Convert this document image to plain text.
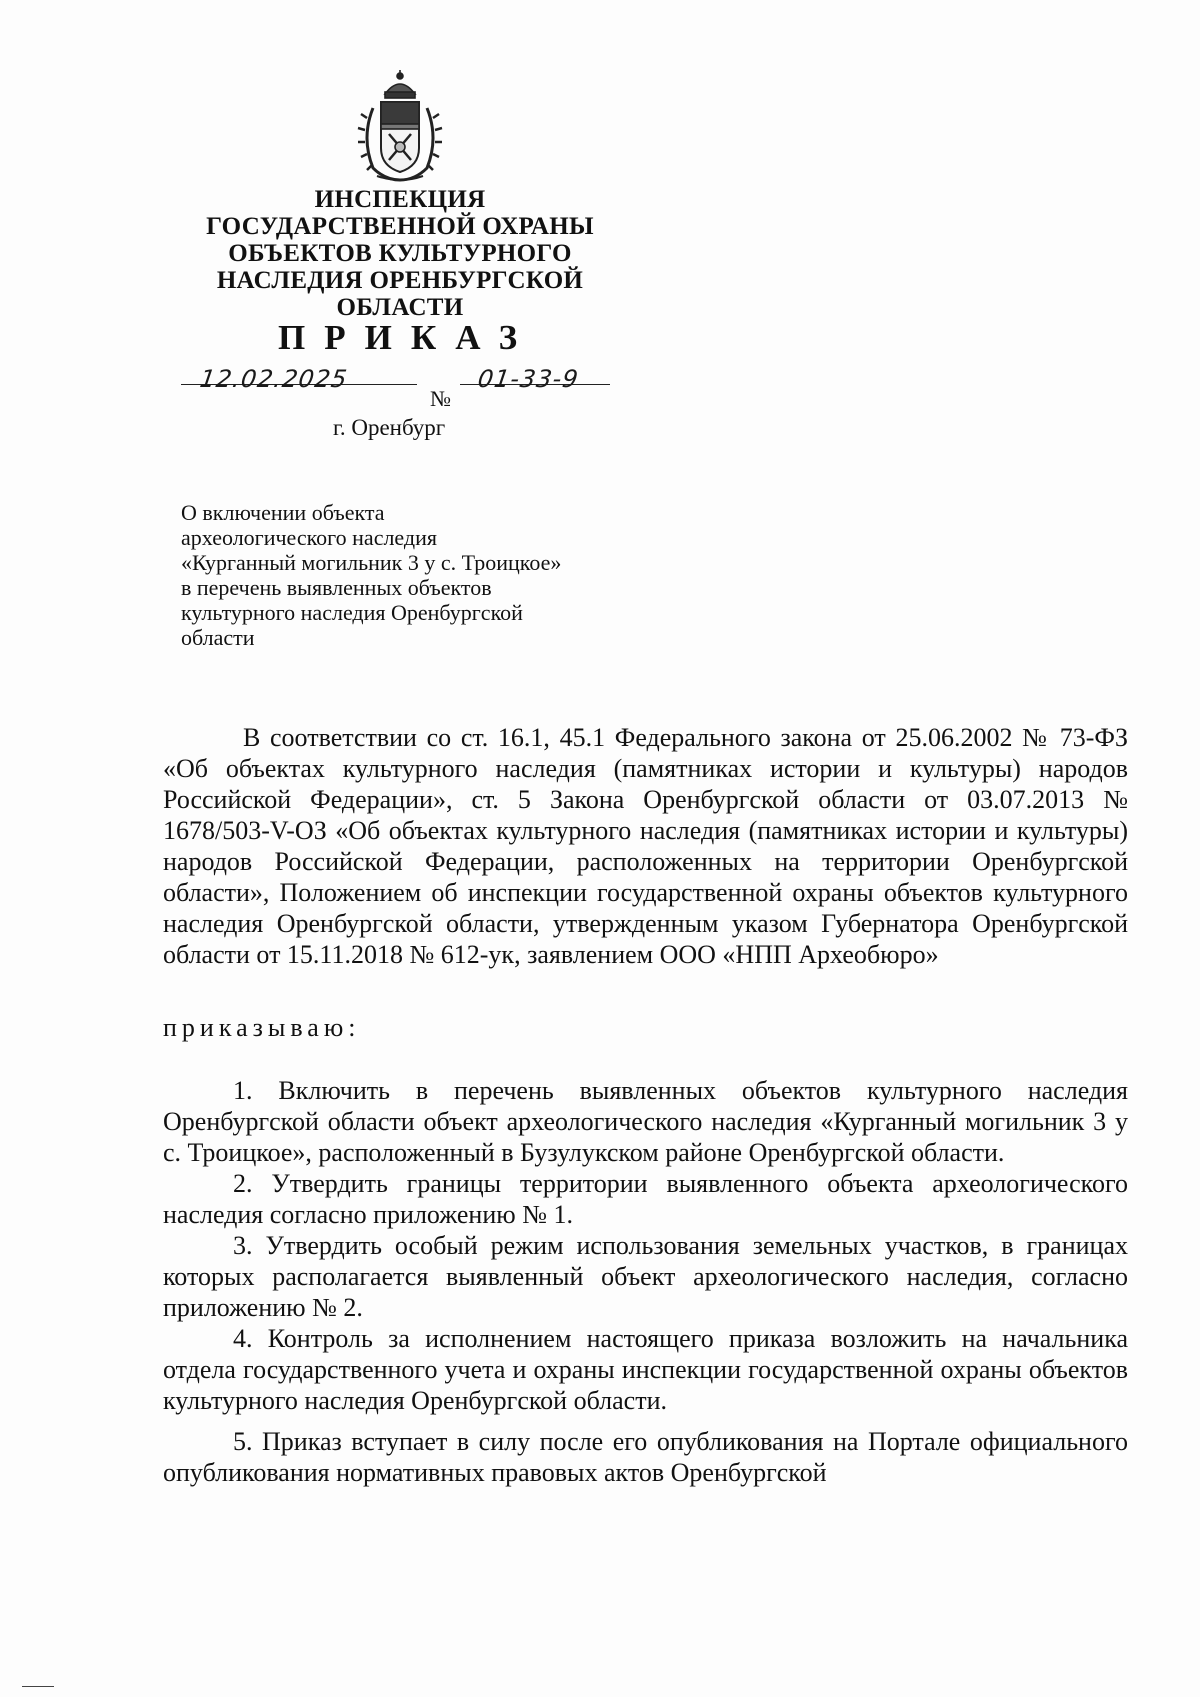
ИНСПЕКЦИЯ
ГОСУДАРСТВЕННОЙ ОХРАНЫ
ОБЪЕКТОВ КУЛЬТУРНОГО
НАСЛЕДИЯ ОРЕНБУРГСКОЙ
ОБЛАСТИ
ПРИКАЗ
12.02.2025
№
01-33-9
г. Оренбург
О включении объекта
археологического наследия
«Курганный могильник 3 у с. Троицкое»
в перечень выявленных объектов
культурного наследия Оренбургской
области

В соответствии со ст. 16.1, 45.1 Федерального закона от 25.06.2002 № 73-ФЗ «Об объектах культурного наследия (памятниках истории и культуры) народов Российской Федерации», ст. 5 Закона Оренбургской области от 03.07.2013 № 1678/503-V-ОЗ «Об объектах культурного наследия (памятниках истории и культуры) народов Российской Федерации, расположенных на территории Оренбургской области», Положением об инспекции государственной охраны объектов культурного наследия Оренбургской области, утвержденным указом Губернатора Оренбургской области от 15.11.2018 № 612-ук, заявлением ООО «НПП Археобюро»

приказываю:

1. Включить в перечень выявленных объектов культурного наследия Оренбургской области объект археологического наследия «Курганный могильник 3 у с. Троицкое», расположенный в Бузулукском районе Оренбургской области.

2. Утвердить границы территории выявленного объекта археологического наследия согласно приложению № 1.

3. Утвердить особый режим использования земельных участков, в границах которых располагается выявленный объект археологического наследия, согласно приложению № 2.

4. Контроль за исполнением настоящего приказа возложить на начальника отдела государственного учета и охраны инспекции государственной охраны объектов культурного наследия Оренбургской области.

5. Приказ вступает в силу после его опубликования на Портале официального опубликования нормативных правовых актов Оренбургской
